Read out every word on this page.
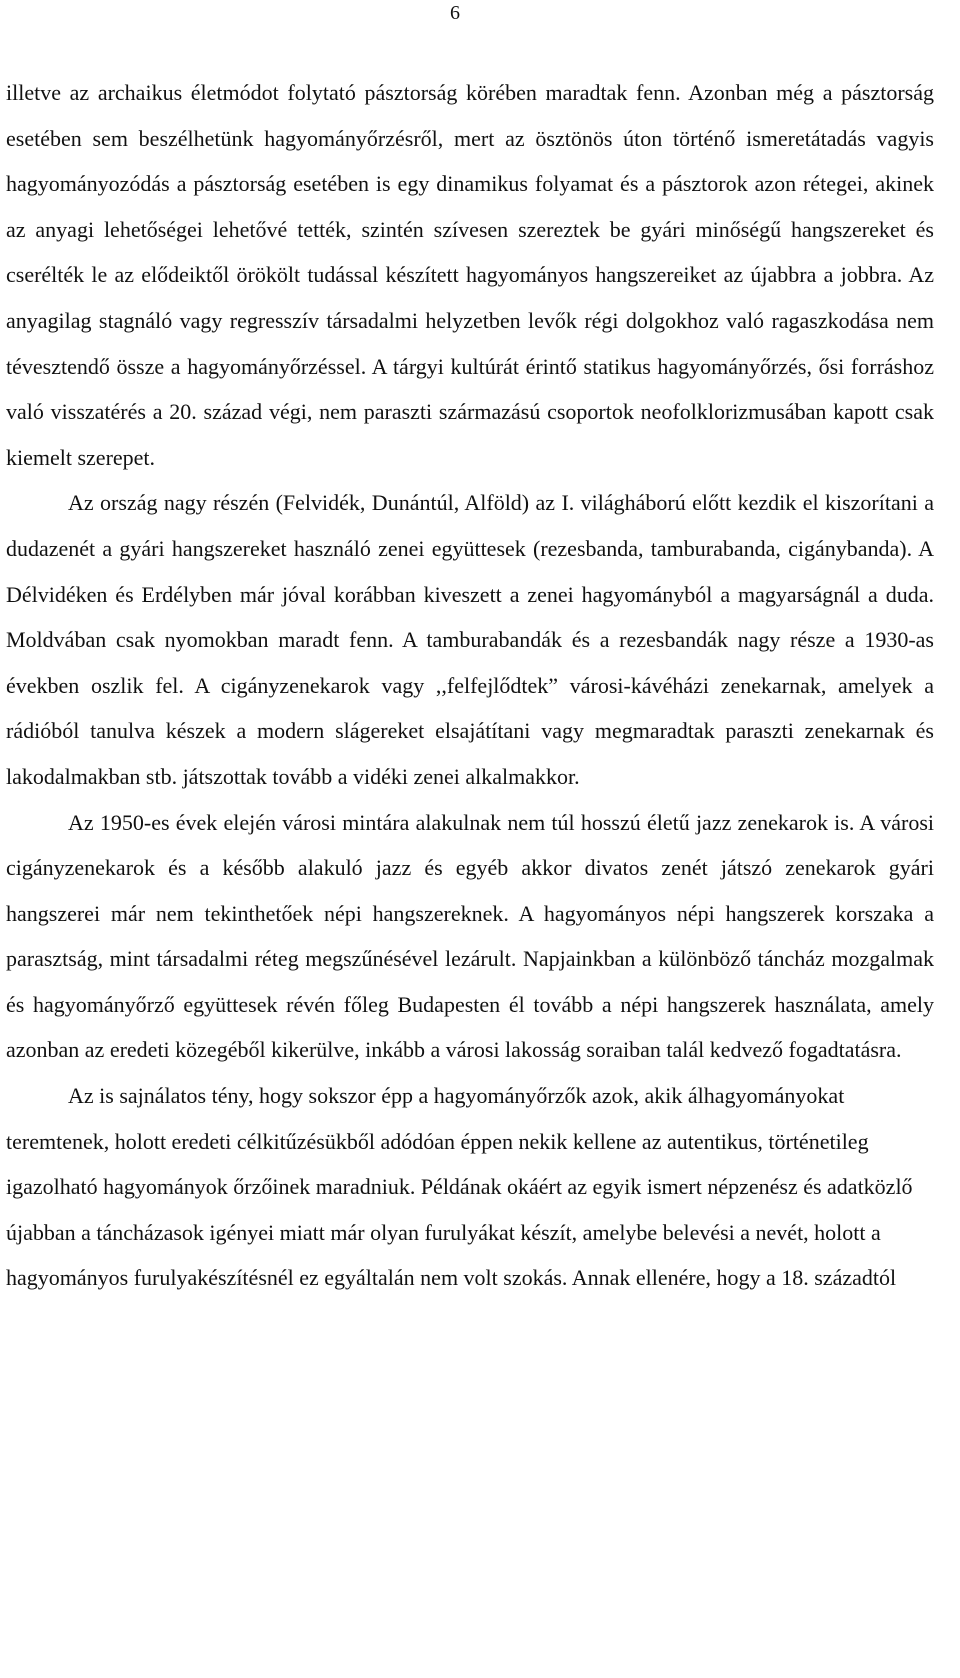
6

illetve az archaikus életmódot folytató pásztorság körében maradtak fenn. Azonban még a pásztorság esetében sem beszélhetünk hagyományőrzésről, mert az ösztönös úton történő ismeretátadás vagyis hagyományozódás a pásztorság esetében is egy dinamikus folyamat és a pásztorok azon rétegei, akinek az anyagi lehetőségei lehetővé tették, szintén szívesen szereztek be gyári minőségű hangszereket és cserélték le az elődeiktől örökölt tudással készített hagyományos hangszereiket az újabbra a jobbra. Az anyagilag stagnáló vagy regresszív társadalmi helyzetben levők régi dolgokhoz való ragaszkodása nem tévesztendő össze a hagyományőrzéssel. A tárgyi kultúrát érintő statikus hagyományőrzés, ősi forráshoz való visszatérés a 20. század végi, nem paraszti származású csoportok neofolklorizmusában kapott csak kiemelt szerepet.

Az ország nagy részén (Felvidék, Dunántúl, Alföld) az I. világháború előtt kezdik el kiszorítani a dudazenét a gyári hangszereket használó zenei együttesek (rezesbanda, tamburabanda, cigánybanda). A Délvidéken és Erdélyben már jóval korábban kiveszett a zenei hagyományból a magyarságnál a duda. Moldvában csak nyomokban maradt fenn. A tamburabandák és a rezesbandák nagy része a 1930-as években oszlik fel. A cigányzenekarok vagy ,,felfejlődtek” városi-kávéházi zenekarnak, amelyek a rádióból tanulva készek a modern slágereket elsajátítani vagy megmaradtak paraszti zenekarnak és lakodalmakban stb. játszottak tovább a vidéki zenei alkalmakkor.

Az 1950-es évek elején városi mintára alakulnak nem túl hosszú életű jazz zenekarok is. A városi cigányzenekarok és a később alakuló jazz és egyéb akkor divatos zenét játszó zenekarok gyári hangszerei már nem tekinthetőek népi hangszereknek. A hagyományos népi hangszerek korszaka a parasztság, mint társadalmi réteg megszűnésével lezárult. Napjainkban a különböző táncház mozgalmak és hagyományőrző együttesek révén főleg Budapesten él tovább a népi hangszerek használata, amely azonban az eredeti közegéből kikerülve, inkább a városi lakosság soraiban talál kedvező fogadtatásra.

Az is sajnálatos tény, hogy sokszor épp a hagyományőrzők azok, akik álhagyományokat teremtenek, holott eredeti célkitűzésükből adódóan éppen nekik kellene az autentikus, történetileg igazolható hagyományok őrzőinek maradniuk. Példának okáért az egyik ismert népzenész és adatközlő újabban a táncházasok igényei miatt már olyan furulyákat készít, amelybe belevési a nevét, holott a hagyományos furulyakészítésnél ez egyáltalán nem volt szokás. Annak ellenére, hogy a 18. századtól
